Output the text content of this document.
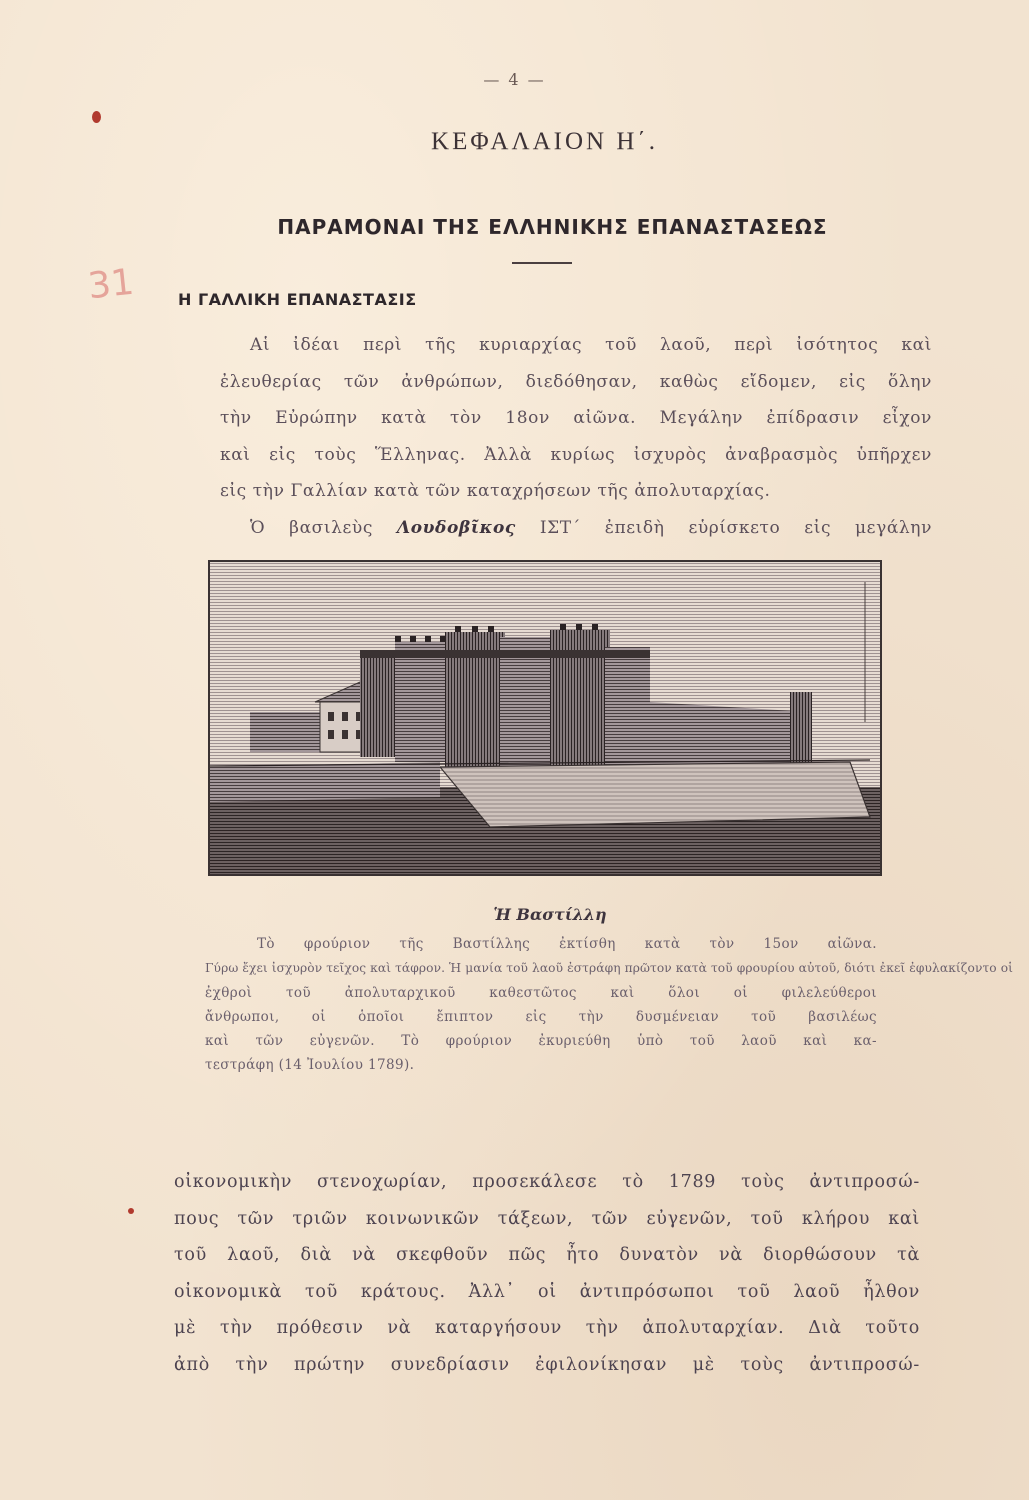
— 4 —
ΚΕΦΑΛΑΙΟΝ Η΄.
ΠΑΡΑΜΟΝΑΙ ΤΗΣ ΕΛΛΗΝΙΚΗΣ ΕΠΑΝΑΣΤΑΣΕΩΣ
31	Η ΓΑΛΛΙΚΗ ΕΠΑΝΑΣΤΑΣΙΣ
Αἱ ἰδέαι περὶ τῆς κυριαρχίας τοῦ λαοῦ, περὶ ἰσότητος καὶ
ἐλευθερίας τῶν ἀνθρώπων, διεδόθησαν, καθὼς εἴδομεν, εἰς ὅλην
τὴν Εὐρώπην κατὰ τὸν 18ον αἰῶνα. Μεγάλην ἐπίδρασιν εἶχον
καὶ εἰς τοὺς Ἕλληνας. Ἀλλὰ κυρίως ἰσχυρὸς ἀναβρασμὸς ὑπῆρχεν
εἰς τὴν Γαλλίαν κατὰ τῶν καταχρήσεων τῆς ἀπολυταρχίας.
Ὁ βασιλεὺς Λουδοβῖκος ΙΣΤ΄ ἐπειδὴ εὑρίσκετο εἰς μεγάλην
Ἡ Βαστίλλη
Τὸ φρούριον τῆς Βαστίλλης ἐκτίσθη κατὰ τὸν 15ον αἰῶνα.
Γύρω ἔχει ἰσχυρὸν τεῖχος καὶ τάφρον. Ἡ μανία τοῦ λαοῦ ἐστράφη πρῶτον κατὰ τοῦ φρουρίου αὐτοῦ, διότι ἐκεῖ ἐφυλακίζοντο οἱ
ἐχθροὶ τοῦ ἀπολυταρχικοῦ καθεστῶτος καὶ ὅλοι οἱ φιλελεύθεροι
ἄνθρωποι, οἱ ὁποῖοι ἔπιπτον εἰς τὴν δυσμένειαν τοῦ βασιλέως
καὶ τῶν εὐγενῶν. Τὸ φρούριον ἐκυριεύθη ὑπὸ τοῦ λαοῦ καὶ κα-
τεστράφη (14 Ἰουλίου 1789).
οἰκονομικὴν στενοχωρίαν, προσεκάλεσε τὸ 1789 τοὺς ἀντιπροσώ-
πους τῶν τριῶν κοινωνικῶν τάξεων, τῶν εὐγενῶν, τοῦ κλήρου καὶ
τοῦ λαοῦ, διὰ νὰ σκεφθοῦν πῶς ἦτο δυνατὸν νὰ διορθώσουν τὰ
οἰκονομικὰ τοῦ κράτους. Ἀλλ᾽ οἱ ἀντιπρόσωποι τοῦ λαοῦ ἦλθον
μὲ τὴν πρόθεσιν νὰ καταργήσουν τὴν ἀπολυταρχίαν. Διὰ τοῦτο
ἀπὸ τὴν πρώτην συνεδρίασιν ἐφιλονίκησαν μὲ τοὺς ἀντιπροσώ-
